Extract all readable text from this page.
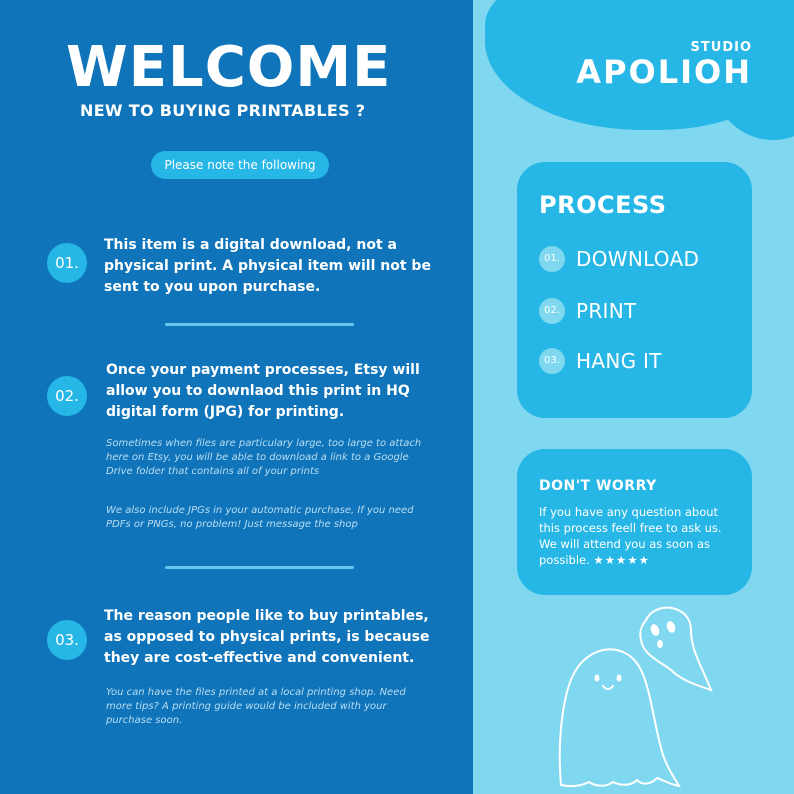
WELCOME
NEW TO BUYING PRINTABLES ?
Please note the following
01.
This item is a digital download, not a physical print. A physical item will not be sent to you upon purchase.
02.
Once your payment processes, Etsy will allow you to downlaod this print in HQ digital form (JPG) for printing.
Sometimes when files are particulary large, too large to attach here on Etsy, you will be able to download a link to a Google Drive folder that contains all of your prints
We also include JPGs in your automatic purchase, If you need PDFs or PNGs, no problem! Just message the shop
03.
The reason people like to buy printables, as opposed to physical prints, is because they are cost-effective and convenient.
You can have the files printed at a local printing shop. Need more tips? A printing guide would be included with your purchase soon.
STUDIO
APOLIOH
PROCESS
01. DOWNLOAD
02. PRINT
03. HANG IT
DON'T WORRY
If you have any question about this process feell free to ask us. We will attend you as soon as possible. ★★★★★
